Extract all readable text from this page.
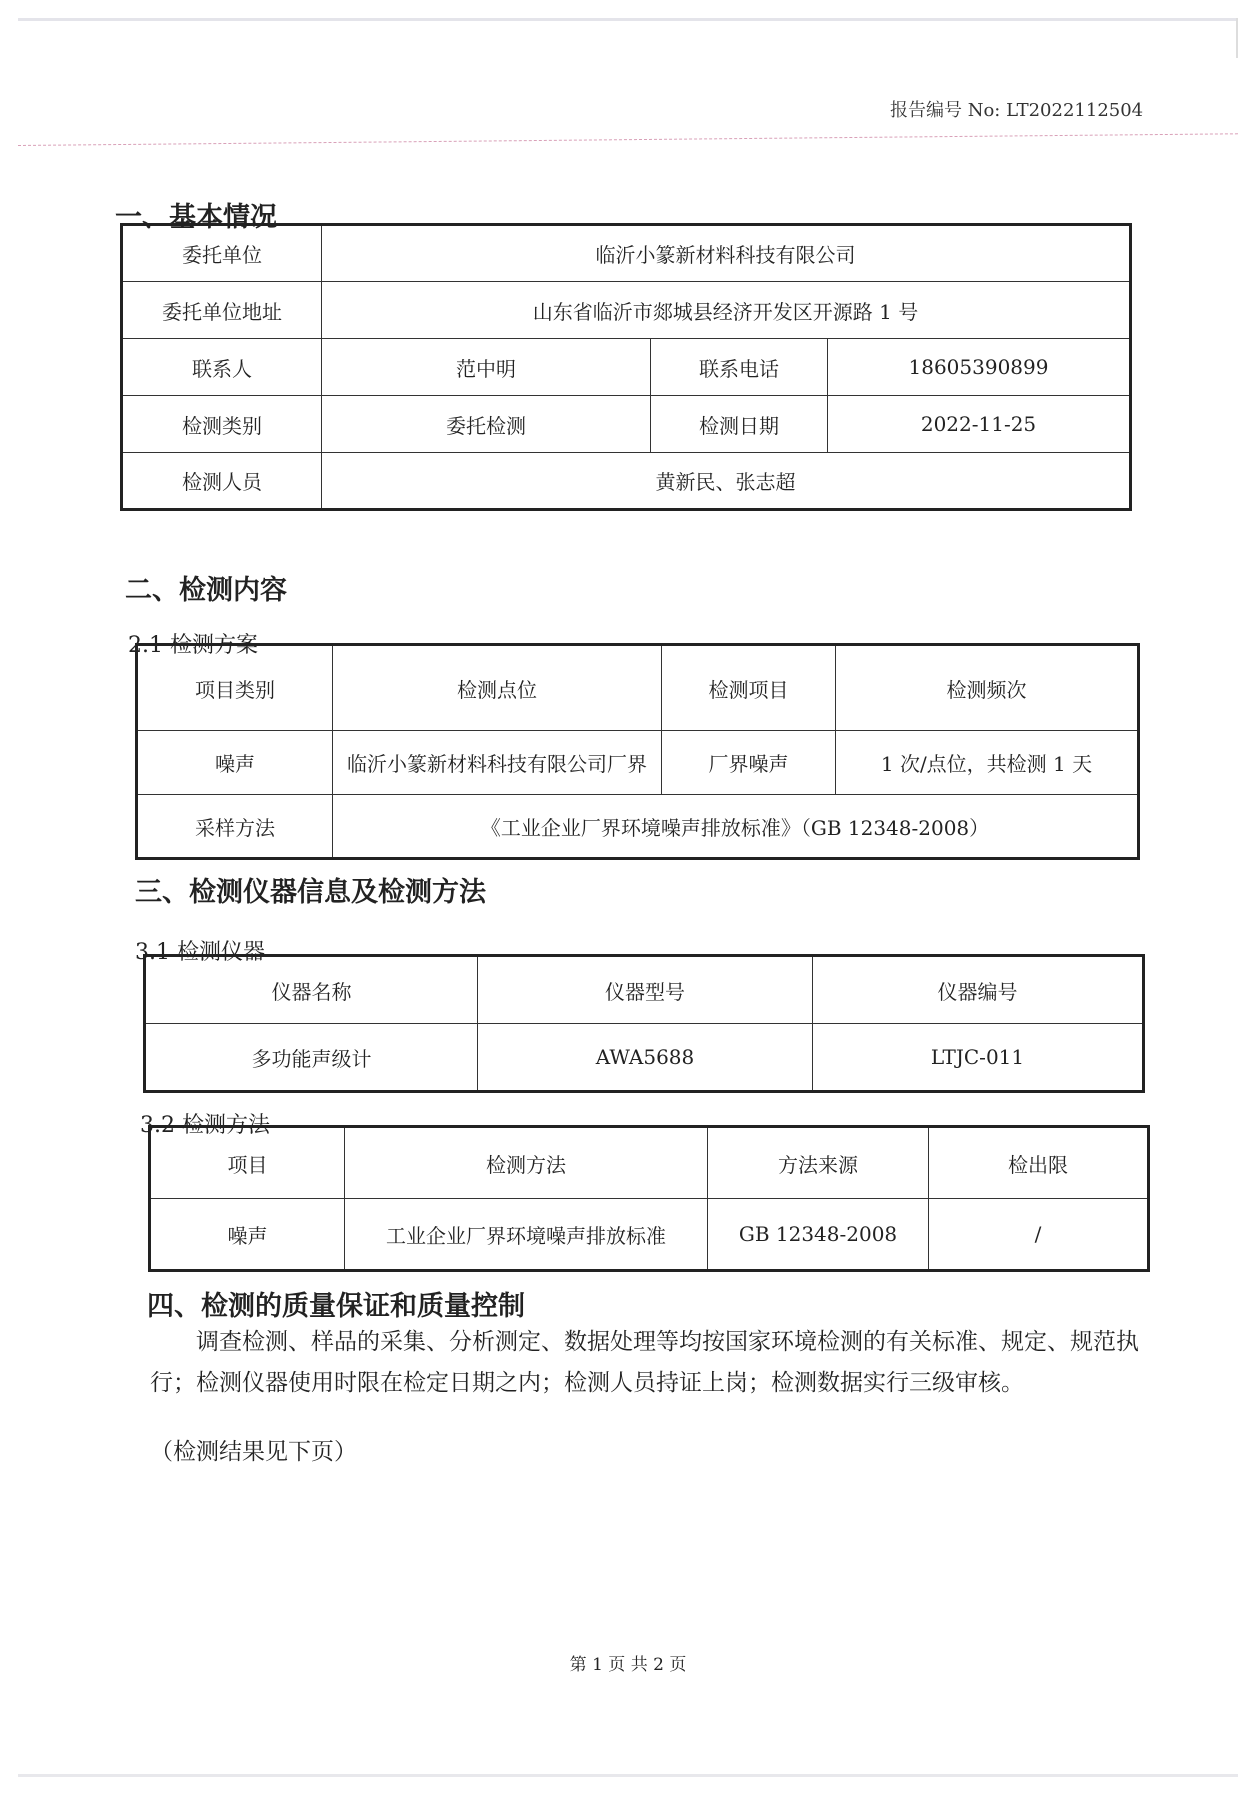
报告编号 No: LT2022112504
一、基本情况
委托单位	临沂小篆新材料科技有限公司		
委托单位地址	山东省临沂市郯城县经济开发区开源路 1 号		
联系人	范中明	联系电话	18605390899
检测类别	委托检测	检测日期	2022-11-25
检测人员	黄新民、张志超		
二、检测内容
2.1 检测方案
项目类别	检测点位	检测项目	检测频次
噪声	临沂小篆新材料科技有限公司厂界	厂界噪声	1 次/点位，共检测 1 天
采样方法	《工业企业厂界环境噪声排放标准》（GB 12348-2008）		
三、检测仪器信息及检测方法
3.1 检测仪器
仪器名称	仪器型号	仪器编号
多功能声级计	AWA5688	LTJC-011
3.2 检测方法
项目	检测方法	方法来源	检出限
噪声	工业企业厂界环境噪声排放标准	GB 12348-2008	/
四、检测的质量保证和质量控制

调查检测、样品的采集、分析测定、数据处理等均按国家环境检测的有关标准、规定、规范执行；检测仪器使用时限在检定日期之内；检测人员持证上岗；检测数据实行三级审核。

（检测结果见下页）

第 1 页 共 2 页
